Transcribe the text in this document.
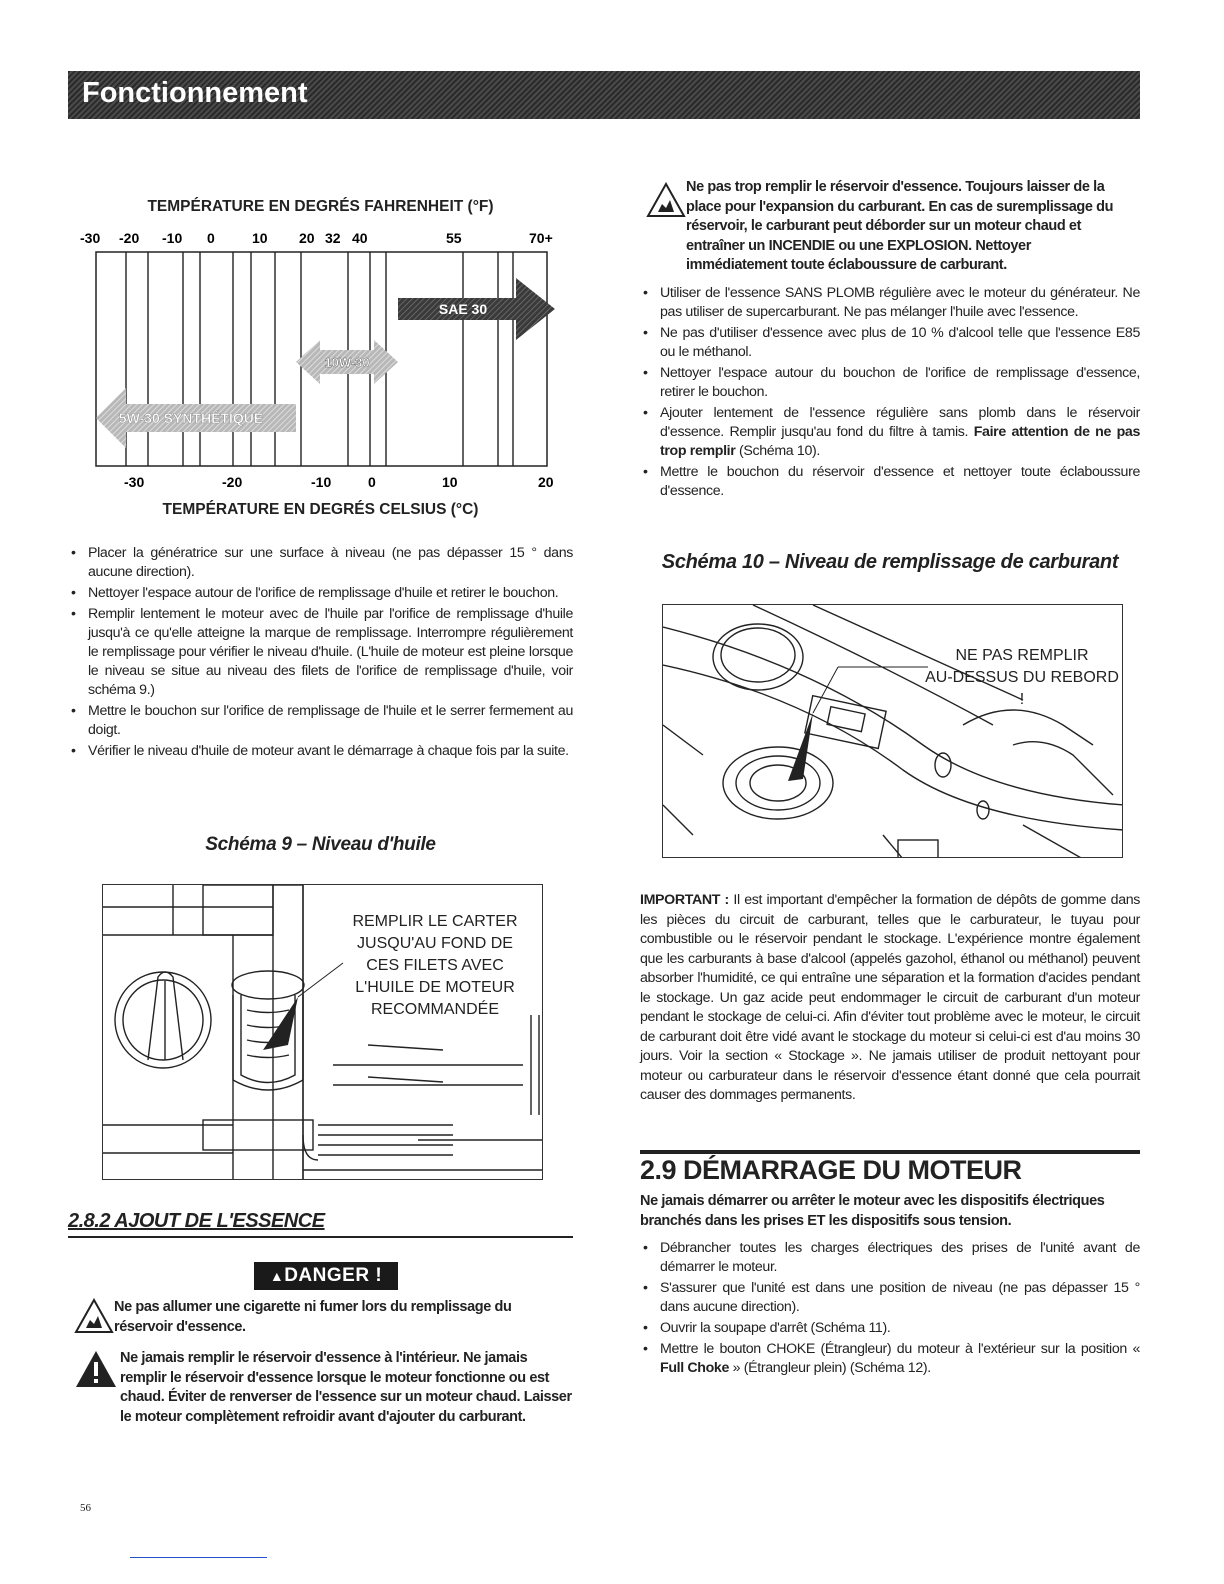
Fonctionnement
TEMPÉRATURE EN DEGRÉS FAHRENHEIT (°F)
-30 -20 -10 0	10 20 32 40	55	70+
-30	-20	-10	0	10	20
SAE 30
10W-30
5W-30 SYNTHÉTIQUE
TEMPÉRATURE EN DEGRÉS CELSIUS (°C)
• Placer la génératrice sur une surface à niveau (ne pas dépasser 15 ° dans aucune direction).
• Nettoyer l'espace autour de l'orifice de remplissage d'huile et retirer le bouchon.
• Remplir lentement le moteur avec de l'huile par l'orifice de remplissage d'huile jusqu'à ce qu'elle atteigne la marque de remplissage. Interrompre régulièrement le remplissage pour vérifier le niveau d'huile. (L'huile de moteur est pleine lorsque le niveau se situe au niveau des filets de l'orifice de remplissage d'huile, voir schéma 9.)
• Mettre le bouchon sur l'orifice de remplissage de l'huile et le serrer fermement au doigt.
• Vérifier le niveau d'huile de moteur avant le démarrage à chaque fois par la suite.
Schéma 9 – Niveau d'huile
REMPLIR LE CARTER
JUSQU'AU FOND DE
CES FILETS AVEC
L'HUILE DE MOTEUR
RECOMMANDÉE
2.8.2 AJOUT DE L'ESSENCE
▲DANGER !
Ne pas allumer une cigarette ni fumer lors du remplissage du réservoir d'essence.
Ne jamais remplir le réservoir d'essence à l'intérieur. Ne jamais remplir le réservoir d'essence lorsque le moteur fonctionne ou est chaud. Éviter de renverser de l'essence sur un moteur chaud. Laisser le moteur complètement refroidir avant d'ajouter du carburant.
Ne pas trop remplir le réservoir d'essence. Toujours laisser de la place pour l'expansion du carburant. En cas de suremplissage du réservoir, le carburant peut déborder sur un moteur chaud et entraîner un INCENDIE ou une EXPLOSION. Nettoyer immédiatement toute éclaboussure de carburant.
• Utiliser de l'essence SANS PLOMB régulière avec le moteur du générateur. Ne pas utiliser de supercarburant. Ne pas mélanger l'huile avec l'essence.
• Ne pas d'utiliser d'essence avec plus de 10 % d'alcool telle que l'essence E85 ou le méthanol.
• Nettoyer l'espace autour du bouchon de l'orifice de remplissage d'essence, retirer le bouchon.
• Ajouter lentement de l'essence régulière sans plomb dans le réservoir d'essence. Remplir jusqu'au fond du filtre à tamis. Faire attention de ne pas trop remplir (Schéma 10).
• Mettre le bouchon du réservoir d'essence et nettoyer toute éclaboussure d'essence.
Schéma 10 – Niveau de remplissage de carburant
NE PAS REMPLIR
AU-DESSUS DU REBORD !
IMPORTANT : Il est important d'empêcher la formation de dépôts de gomme dans les pièces du circuit de carburant, telles que le carburateur, le tuyau pour combustible ou le réservoir pendant le stockage. L'expérience montre également que les carburants à base d'alcool (appelés gazohol, éthanol ou méthanol) peuvent absorber l'humidité, ce qui entraîne une séparation et la formation d'acides pendant le stockage. Un gaz acide peut endommager le circuit de carburant d'un moteur pendant le stockage de celui-ci. Afin d'éviter tout problème avec le moteur, le circuit de carburant doit être vidé avant le stockage du moteur si celui-ci est d'au moins 30 jours. Voir la section « Stockage ». Ne jamais utiliser de produit nettoyant pour moteur ou carburateur dans le réservoir d'essence étant donné que cela pourrait causer des dommages permanents.
2.9 DÉMARRAGE DU MOTEUR
Ne jamais démarrer ou arrêter le moteur avec les dispositifs électriques branchés dans les prises ET les dispositifs sous tension.
• Débrancher toutes les charges électriques des prises de l'unité avant de démarrer le moteur.
• S'assurer que l'unité est dans une position de niveau (ne pas dépasser 15 ° dans aucune direction).
• Ouvrir la soupape d'arrêt (Schéma 11).
• Mettre le bouton CHOKE (Étrangleur) du moteur à l'extérieur sur la position « Full Choke » (Étrangleur plein) (Schéma 12).
56
